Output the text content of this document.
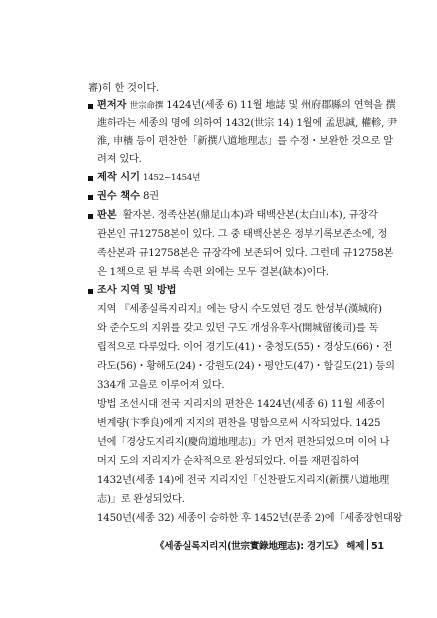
審)히 한 것이다.
편저자 世宗命撰 1424년(세종 6) 11월 地誌 및 州府郡縣의 연혁을 撰
進하라는 세종의 명에 의하여 1432(世宗 14) 1월에 孟思誠, 權軫, 尹
淮, 申檣 등이 편찬한「新撰八道地理志」를 수정・보완한 것으로 알
려져 있다.
제작 시기 1452~1454년
권수 책수 8권
판본 활자본. 정족산본(鼎足山本)과 태백산본(太白山本), 규장각
관본인 규12758본이 있다. 그 중 태백산본은 정부기록보존소에, 정
족산본과 규12758본은 규장각에 보존되어 있다. 그런데 규12758본
은 1책으로 된 부록 속편 외에는 모두 결본(缺本)이다.
조사 지역 및 방법
지역 『세종실록지리지』에는 당시 수도였던 경도 한성부(漢城府)
와 준수도의 지위를 갖고 있던 구도 개성유후사(開城留後司)를 독
립적으로 다루었다. 이어 경기도(41)・충청도(55)・경상도(66)・전
라도(56)・황해도(24)・강원도(24)・평안도(47)・함길도(21) 등의
334개 고을로 이루어져 있다.
방법 조선시대 전국 지리지의 편찬은 1424년(세종 6) 11월 세종이
변계량(卞季良)에게 지지의 편찬을 명함으로써 시작되었다. 1425
년에「경상도지리지(慶尙道地理志)」가 먼저 편찬되었으며 이어 나
머지 도의 지리지가 순차적으로 완성되었다. 이를 재편집하여
1432년(세종 14)에 전국 지리지인「신찬팔도지리지(新撰八道地理
志)」로 완성되었다.
1450년(세종 32) 세종이 승하한 후 1452년(문종 2)에「세종장헌대왕
《세종실록지리지(世宗實錄地理志): 경기도》 해제 51
